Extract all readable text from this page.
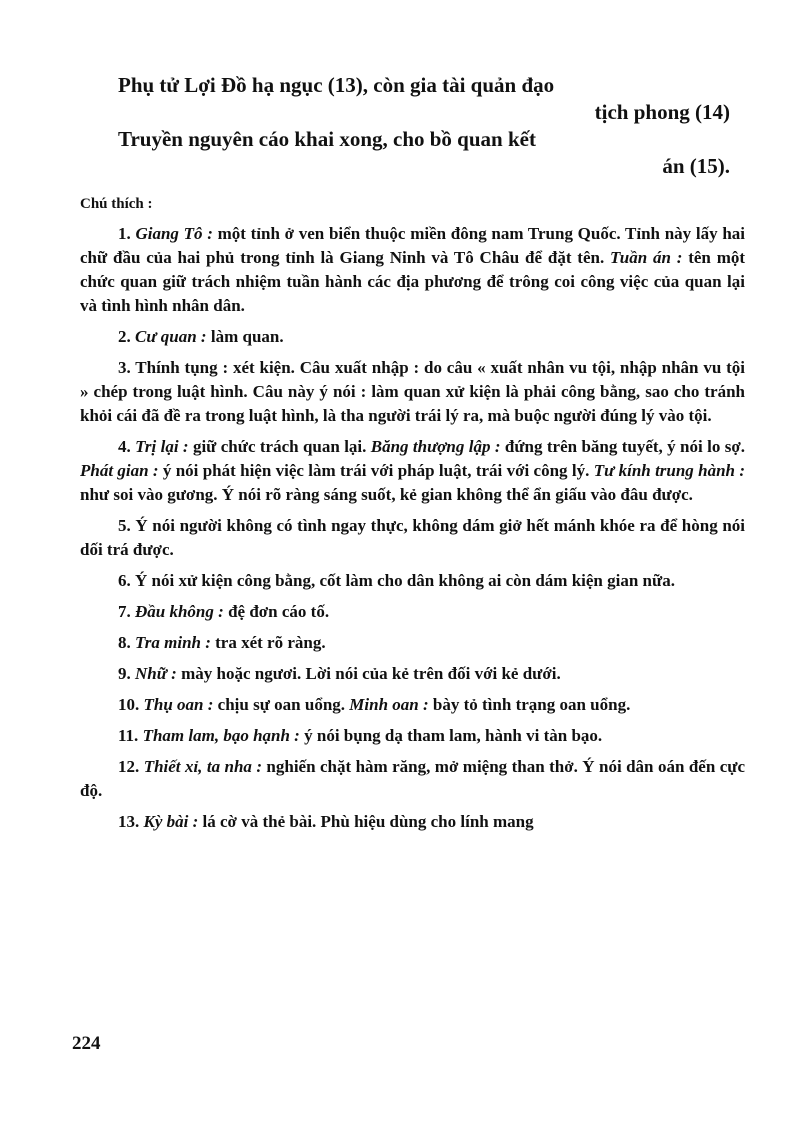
Phụ tử Lợi Đồ hạ ngục (13), còn gia tài quản đạo
tịch phong (14)
Truyền nguyên cáo khai xong, cho bồ quan kết
án (15).
Chú thích :

1. Giang Tô : một tỉnh ở ven biển thuộc miền đông nam Trung Quốc. Tỉnh này lấy hai chữ đầu của hai phủ trong tỉnh là Giang Ninh và Tô Châu để đặt tên. Tuần án : tên một chức quan giữ trách nhiệm tuần hành các địa phương để trông coi công việc của quan lại và tình hình nhân dân.

2. Cư quan : làm quan.

3. Thính tụng : xét kiện. Câu xuất nhập : do câu « xuất nhân vu tội, nhập nhân vu tội » chép trong luật hình. Câu này ý nói : làm quan xử kiện là phải công bằng, sao cho tránh khỏi cái đã đề ra trong luật hình, là tha người trái lý ra, mà buộc người đúng lý vào tội.

4. Trị lại : giữ chức trách quan lại. Băng thượng lập : đứng trên băng tuyết, ý nói lo sợ. Phát gian : ý nói phát hiện việc làm trái với pháp luật, trái với công lý. Tư kính trung hành : như soi vào gương. Ý nói rõ ràng sáng suốt, kẻ gian không thể ẩn giấu vào đâu được.

5. Ý nói người không có tình ngay thực, không dám giở hết mánh khóe ra để hòng nói dối trá được.

6. Ý nói xử kiện công bằng, cốt làm cho dân không ai còn dám kiện gian nữa.

7. Đầu không : đệ đơn cáo tố.

8. Tra minh : tra xét rõ ràng.

9. Nhữ : mày hoặc ngươi. Lời nói của kẻ trên đối với kẻ dưới.

10. Thụ oan : chịu sự oan uổng. Minh oan : bày tỏ tình trạng oan uổng.

11. Tham lam, bạo hạnh : ý nói bụng dạ tham lam, hành vi tàn bạo.

12. Thiết xỉ, ta nha : nghiến chặt hàm răng, mở miệng than thở. Ý nói dân oán đến cực độ.

13. Kỳ bài : lá cờ và thẻ bài. Phù hiệu dùng cho lính mang

224
